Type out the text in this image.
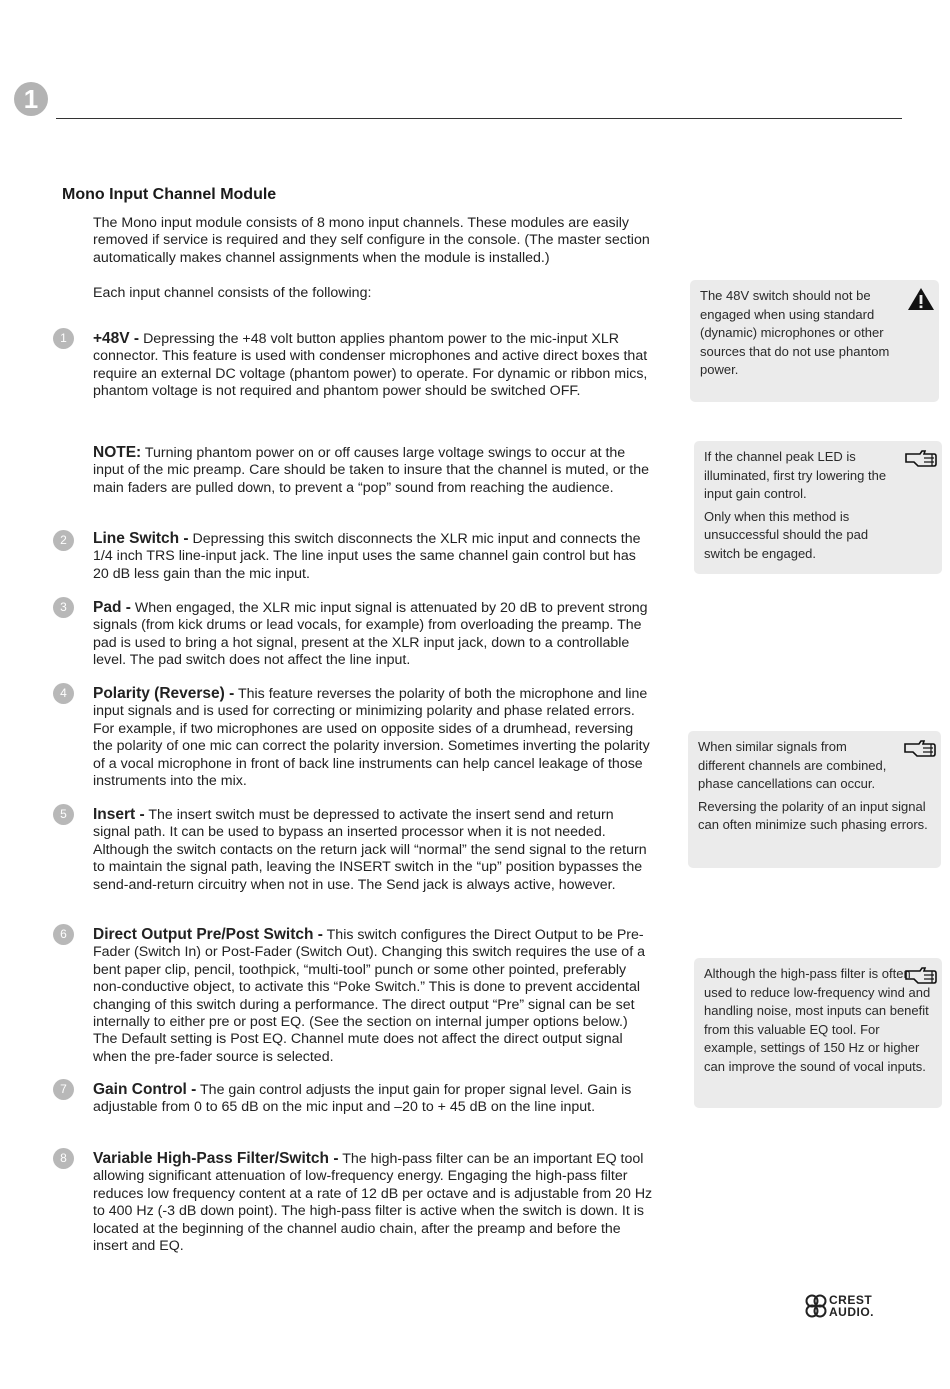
1
Mono Input Channel Module
The Mono input module consists of 8 mono input channels. These modules are easily removed if service is required and they self configure in the console. (The master section automatically makes channel assignments when the module is installed.)
Each input channel consists of the following:
1	+48V - Depressing the +48 volt button applies phantom power to the mic-input XLR connector. This feature is used with condenser microphones and active direct boxes that require an external DC voltage (phantom power) to operate. For dynamic or ribbon mics, phantom voltage is not required and phantom power should be switched OFF.
NOTE: Turning phantom power on or off causes large voltage swings to occur at the input of the mic preamp. Care should be taken to insure that the channel is muted, or the main faders are pulled down, to prevent a “pop” sound from reaching the audience.
2	Line Switch - Depressing this switch disconnects the XLR mic input and connects the 1/4 inch TRS line-input jack. The line input uses the same channel gain control but has 20 dB less gain than the mic input.
3	Pad - When engaged, the XLR mic input signal is attenuated by 20 dB to prevent strong signals (from kick drums or lead vocals, for example) from overloading the preamp. The pad is used to bring a hot signal, present at the XLR input jack, down to a controllable level. The pad switch does not affect the line input.
4	Polarity (Reverse) - This feature reverses the polarity of both the microphone and line input signals and is used for correcting or minimizing polarity and phase related errors. For example, if two microphones are used on opposite sides of a drumhead, reversing the polarity of one mic can correct the polarity inversion. Sometimes inverting the polarity of a vocal microphone in front of back line instruments can help cancel leakage of those instruments into the mix.
5	Insert - The insert switch must be depressed to activate the insert send and return signal path. It can be used to bypass an inserted processor when it is not needed. Although the switch contacts on the return jack will “normal” the send signal to the return to maintain the signal path, leaving the INSERT switch in the “up” position bypasses the send-and-return circuitry when not in use. The Send jack is always active, however.
6	Direct Output Pre/Post Switch - This switch configures the Direct Output to be Pre-Fader (Switch In) or Post-Fader (Switch Out). Changing this switch requires the use of a bent paper clip, pencil, toothpick, “multi-tool” punch or some other pointed, preferably non-conductive object, to activate this “Poke Switch.” This is done to prevent accidental changing of this switch during a performance. The direct output “Pre” signal can be set internally to either pre or post EQ. (See the section on internal jumper options below.) The Default setting is Post EQ. Channel mute does not affect the direct output signal when the pre-fader source is selected.
7	Gain Control - The gain control adjusts the input gain for proper signal level. Gain is adjustable from 0 to 65 dB on the mic input and –20 to + 45 dB on the line input.
8	Variable High-Pass Filter/Switch - The high-pass filter can be an important EQ tool allowing significant attenuation of low-frequency energy. Engaging the high-pass filter reduces low frequency content at a rate of 12 dB per octave and is adjustable from 20 Hz to 400 Hz (-3 dB down point). The high-pass filter is active when the switch is down. It is located at the beginning of the channel audio chain, after the preamp and before the insert and EQ.

The 48V switch should not be engaged when using standard (dynamic) microphones or other sources that do not use phantom power.

If the channel peak LED is illuminated, first try lowering the input gain control.

Only when this method is unsuccessful should the pad switch be engaged.

When similar signals from different channels are combined, phase cancellations can occur.

Reversing the polarity of an input signal can often minimize such phasing errors.

Although the high-pass filter is often used to reduce low-frequency wind and handling noise, most inputs can benefit from this valuable EQ tool. For example, settings of 150 Hz or higher can improve the sound of vocal inputs.

CREST
AUDIO.
